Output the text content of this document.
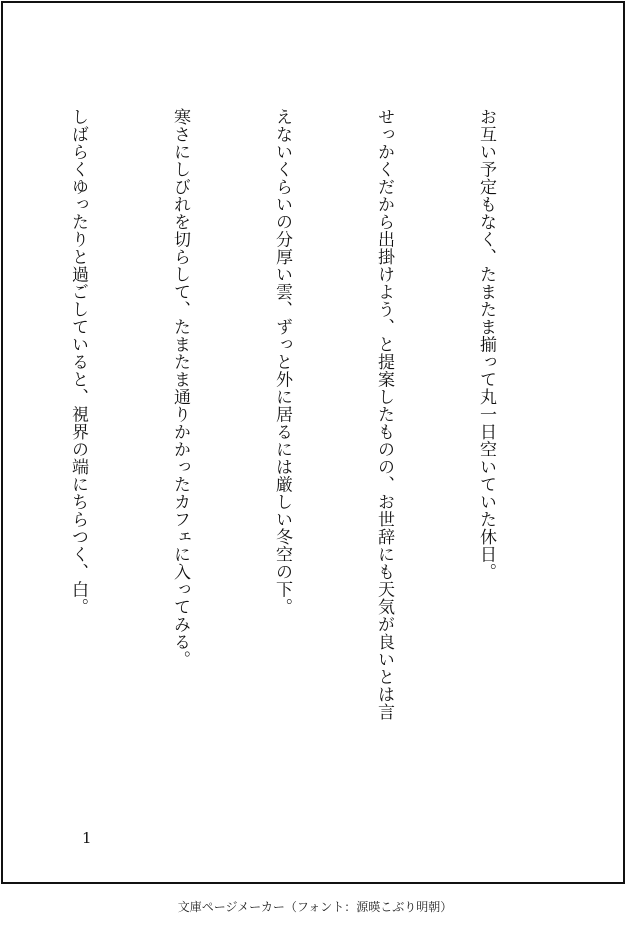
お互い予定もなく、たまたま揃って丸一日空いていた休日。

せっかくだから出掛けよう、と提案したものの、お世辞にも天気が良いとは言

えないくらいの分厚い雲、ずっと外に居るには厳しい冬空の下。

寒さにしびれを切らして、たまたま通りかかったカフェに入ってみる。

しばらくゆったりと過ごしていると、視界の端にちらつく、白。

1
文庫ページメーカー（フォント：源暎こぶり明朝）
